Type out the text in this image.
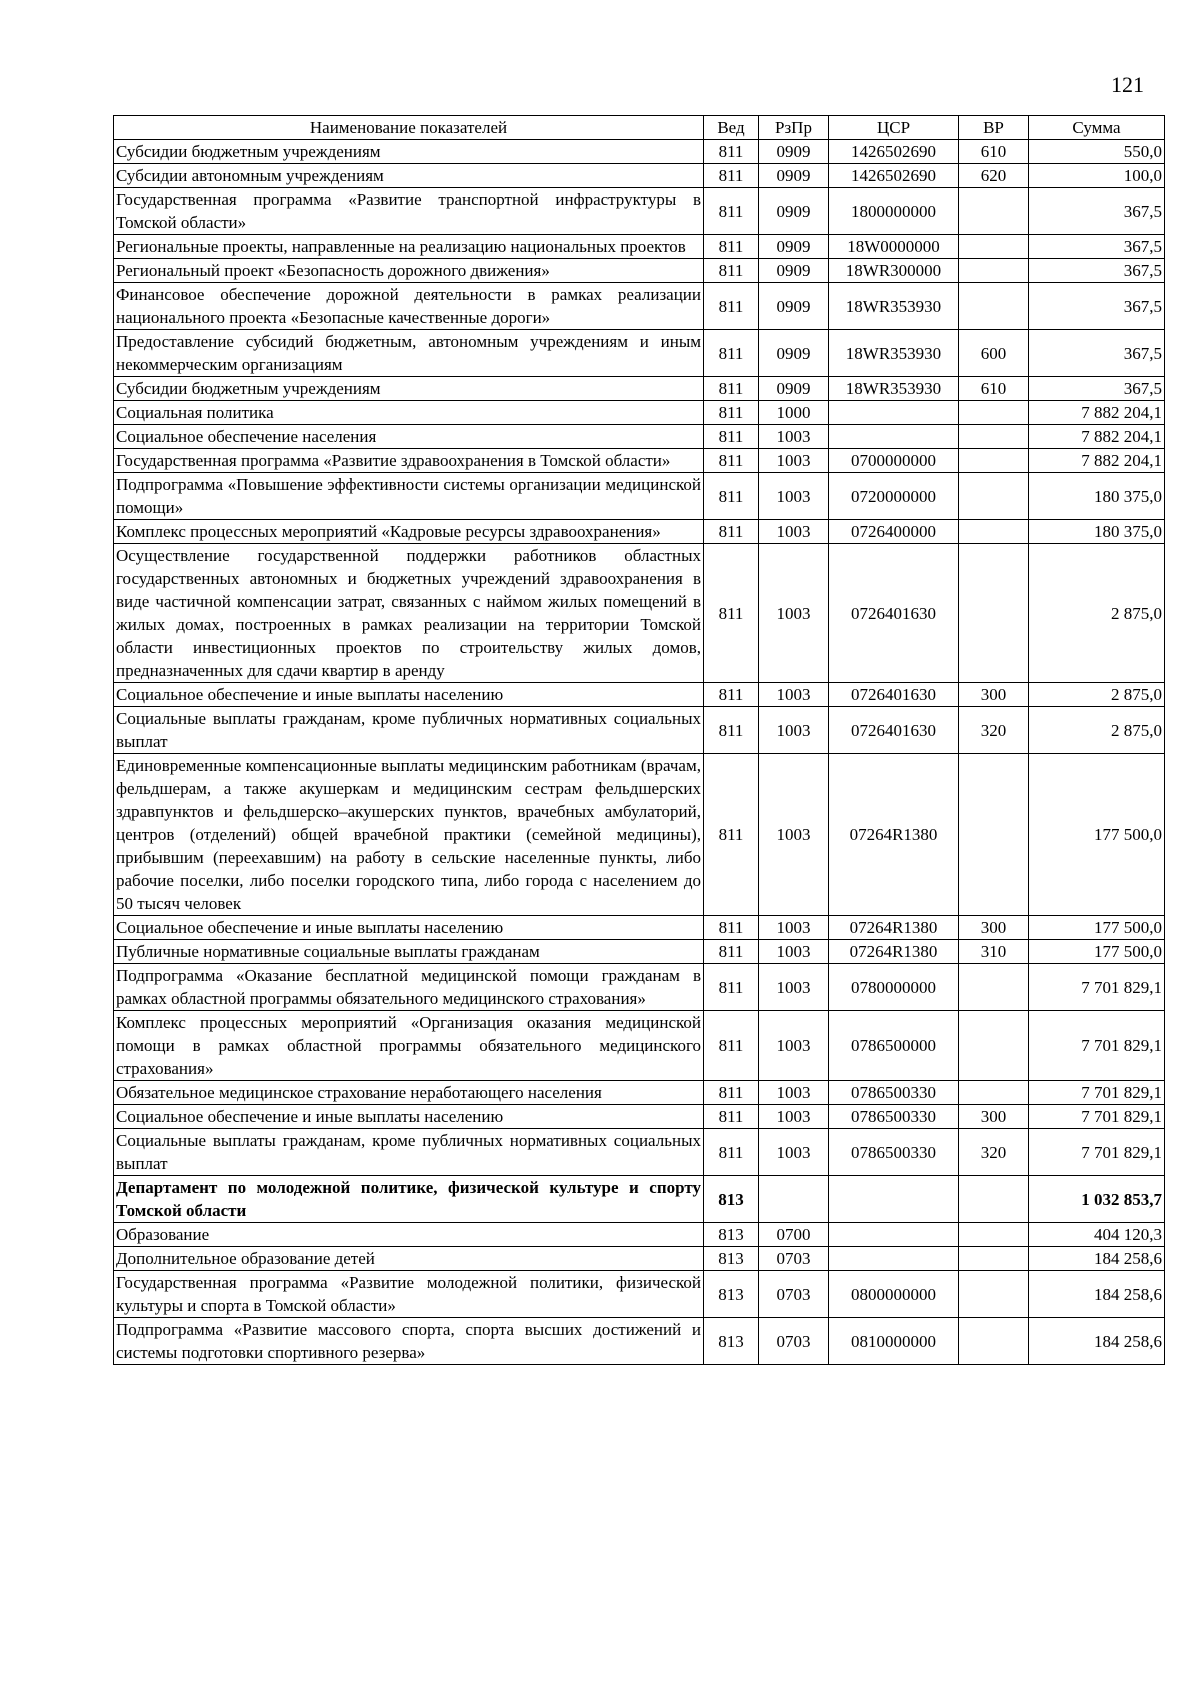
121
Наименование показателей	Вед	РзПр	ЦСР	ВР	Сумма
Субсидии бюджетным учреждениям	811	0909	1426502690	610	550,0
Субсидии автономным учреждениям	811	0909	1426502690	620	100,0
Государственная программа «Развитие транспортной инфраструктуры в Томской области»	811	0909	1800000000		367,5
Региональные проекты, направленные на реализацию национальных проектов	811	0909	18W0000000		367,5
Региональный проект «Безопасность дорожного движения»	811	0909	18WR300000		367,5
Финансовое обеспечение дорожной деятельности в рамках реализации национального проекта «Безопасные качественные дороги»	811	0909	18WR353930		367,5
Предоставление субсидий бюджетным, автономным учреждениям и иным некоммерческим организациям	811	0909	18WR353930	600	367,5
Субсидии бюджетным учреждениям	811	0909	18WR353930	610	367,5
Социальная политика	811	1000			7 882 204,1
Социальное обеспечение населения	811	1003			7 882 204,1
Государственная программа «Развитие здравоохранения в Томской области»	811	1003	0700000000		7 882 204,1
Подпрограмма «Повышение эффективности системы организации медицинской помощи»	811	1003	0720000000		180 375,0
Комплекс процессных мероприятий «Кадровые ресурсы здравоохранения»	811	1003	0726400000		180 375,0
Осуществление государственной поддержки работников областных государственных автономных и бюджетных учреждений здравоохранения в виде частичной компенсации затрат, связанных с наймом жилых помещений в жилых домах, построенных в рамках реализации на территории Томской области инвестиционных проектов по строительству жилых домов, предназначенных для сдачи квартир в аренду	811	1003	0726401630		2 875,0
Социальное обеспечение и иные выплаты населению	811	1003	0726401630	300	2 875,0
Социальные выплаты гражданам, кроме публичных нормативных социальных выплат	811	1003	0726401630	320	2 875,0
Единовременные компенсационные выплаты медицинским работникам (врачам, фельдшерам, а также акушеркам и медицинским сестрам фельдшерских здравпунктов и фельдшерско–акушерских пунктов, врачебных амбулаторий, центров (отделений) общей врачебной практики (семейной медицины), прибывшим (переехавшим) на работу в сельские населенные пункты, либо рабочие поселки, либо поселки городского типа, либо города с населением до 50 тысяч человек	811	1003	07264R1380		177 500,0
Социальное обеспечение и иные выплаты населению	811	1003	07264R1380	300	177 500,0
Публичные нормативные социальные выплаты гражданам	811	1003	07264R1380	310	177 500,0
Подпрограмма «Оказание бесплатной медицинской помощи гражданам в рамках областной программы обязательного медицинского страхования»	811	1003	0780000000		7 701 829,1
Комплекс процессных мероприятий «Организация оказания медицинской помощи в рамках областной программы обязательного медицинского страхования»	811	1003	0786500000		7 701 829,1
Обязательное медицинское страхование неработающего населения	811	1003	0786500330		7 701 829,1
Социальное обеспечение и иные выплаты населению	811	1003	0786500330	300	7 701 829,1
Социальные выплаты гражданам, кроме публичных нормативных социальных выплат	811	1003	0786500330	320	7 701 829,1
Департамент по молодежной политике, физической культуре и спорту Томской области	813				1 032 853,7
Образование	813	0700			404 120,3
Дополнительное образование детей	813	0703			184 258,6
Государственная программа «Развитие молодежной политики, физической культуры и спорта в Томской области»	813	0703	0800000000		184 258,6
Подпрограмма «Развитие массового спорта, спорта высших достижений и системы подготовки спортивного резерва»	813	0703	0810000000		184 258,6
